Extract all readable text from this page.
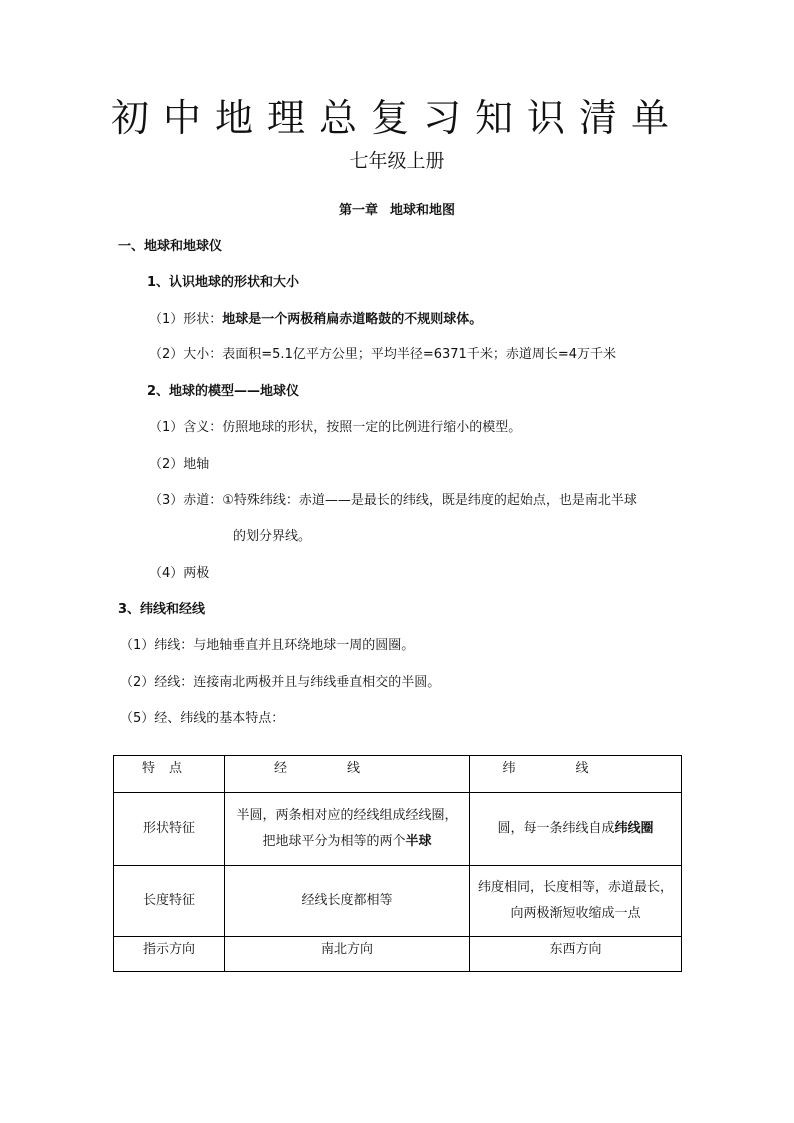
初中地理总复习知识清单
七年级上册
第一章 地球和地图
一、地球和地球仪
1、认识地球的形状和大小
（1）形状：地球是一个两极稍扁赤道略鼓的不规则球体。
（2）大小：表面积=5.1亿平方公里；平均半径=6371千米；赤道周长=4万千米
2、地球的模型——地球仪
（1）含义：仿照地球的形状，按照一定的比例进行缩小的模型。
（2）地轴
（3）赤道：①特殊纬线：赤道——是最长的纬线，既是纬度的起始点，也是南北半球
的划分界线。
（4）两极
3、纬线和经线
（1）纬线：与地轴垂直并且环绕地球一周的圆圈。
（2）经线：连接南北两极并且与纬线垂直相交的半圆。
（5）经、纬线的基本特点：
特点	经线	纬线
形状特征	半圆，两条相对应的经线组成经线圈，
把地球平分为相等的两个半球	圆，每一条纬线自成纬线圈
长度特征	经线长度都相等	纬度相同，长度相等，赤道最长，
向两极渐短收缩成一点

指示方向	南北方向	东西方向
